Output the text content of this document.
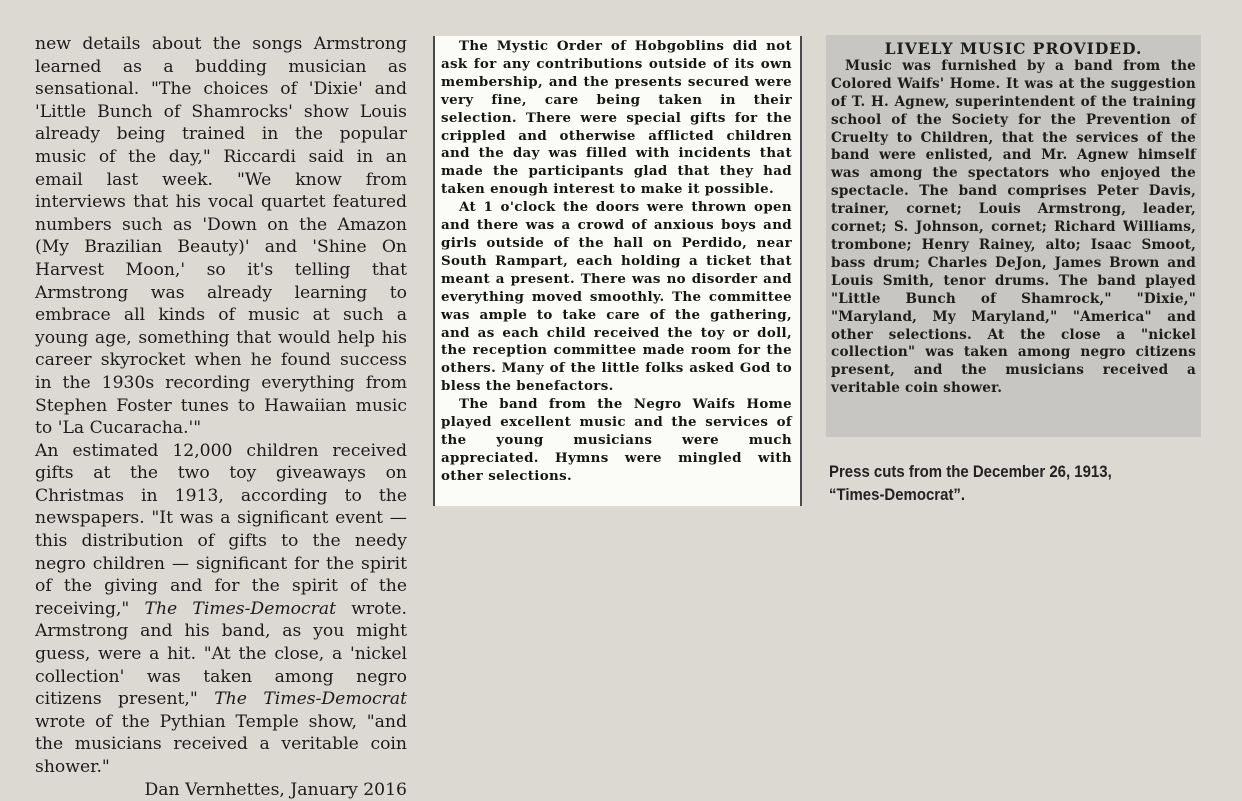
new details about the songs Armstrong learned as a budding musician as sensational. "The choices of 'Dixie' and 'Little Bunch of Shamrocks' show Louis already being trained in the popular music of the day," Riccardi said in an email last week. "We know from interviews that his vocal quartet featured numbers such as 'Down on the Amazon (My Brazilian Beauty)' and 'Shine On Harvest Moon,' so it's telling that Armstrong was already learning to embrace all kinds of music at such a young age, something that would help his career skyrocket when he found success in the 1930s recording everything from Stephen Foster tunes to Hawaiian music to 'La Cucaracha.'"

An estimated 12,000 children received gifts at the two toy giveaways on Christmas in 1913, according to the newspapers. "It was a significant event — this distribution of gifts to the needy negro children — significant for the spirit of the giving and for the spirit of the receiving," The Times-Democrat wrote. Armstrong and his band, as you might guess, were a hit. "At the close, a 'nickel collection' was taken among negro citizens present," The Times-Democrat wrote of the Pythian Temple show, "and the musicians received a veritable coin shower."

Dan Vernhettes, January 2016

The Mystic Order of Hobgoblins did not ask for any contributions outside of its own membership, and the presents secured were very fine, care being taken in their selection. There were special gifts for the crippled and otherwise afflicted children and the day was filled with incidents that made the participants glad that they had taken enough interest to make it possible.

At 1 o'clock the doors were thrown open and there was a crowd of anxious boys and girls outside of the hall on Perdido, near South Rampart, each holding a ticket that meant a present. There was no disorder and everything moved smoothly. The committee was ample to take care of the gathering, and as each child received the toy or doll, the reception committee made room for the others. Many of the little folks asked God to bless the benefactors.

The band from the Negro Waifs Home played excellent music and the services of the young musicians were much appreciated. Hymns were mingled with other selections.

LIVELY MUSIC PROVIDED.

Music was furnished by a band from the Colored Waifs' Home. It was at the suggestion of T. H. Agnew, superintendent of the training school of the Society for the Prevention of Cruelty to Children, that the services of the band were enlisted, and Mr. Agnew himself was among the spectators who enjoyed the spectacle. The band comprises Peter Davis, trainer, cornet; Louis Armstrong, leader, cornet; S. Johnson, cornet; Richard Williams, trombone; Henry Rainey, alto; Isaac Smoot, bass drum; Charles DeJon, James Brown and Louis Smith, tenor drums. The band played "Little Bunch of Shamrock," "Dixie," "Maryland, My Maryland," "America" and other selections. At the close a "nickel collection" was taken among negro citizens present, and the musicians received a veritable coin shower.

Press cuts from the December 26, 1913, “Times-Democrat”.
